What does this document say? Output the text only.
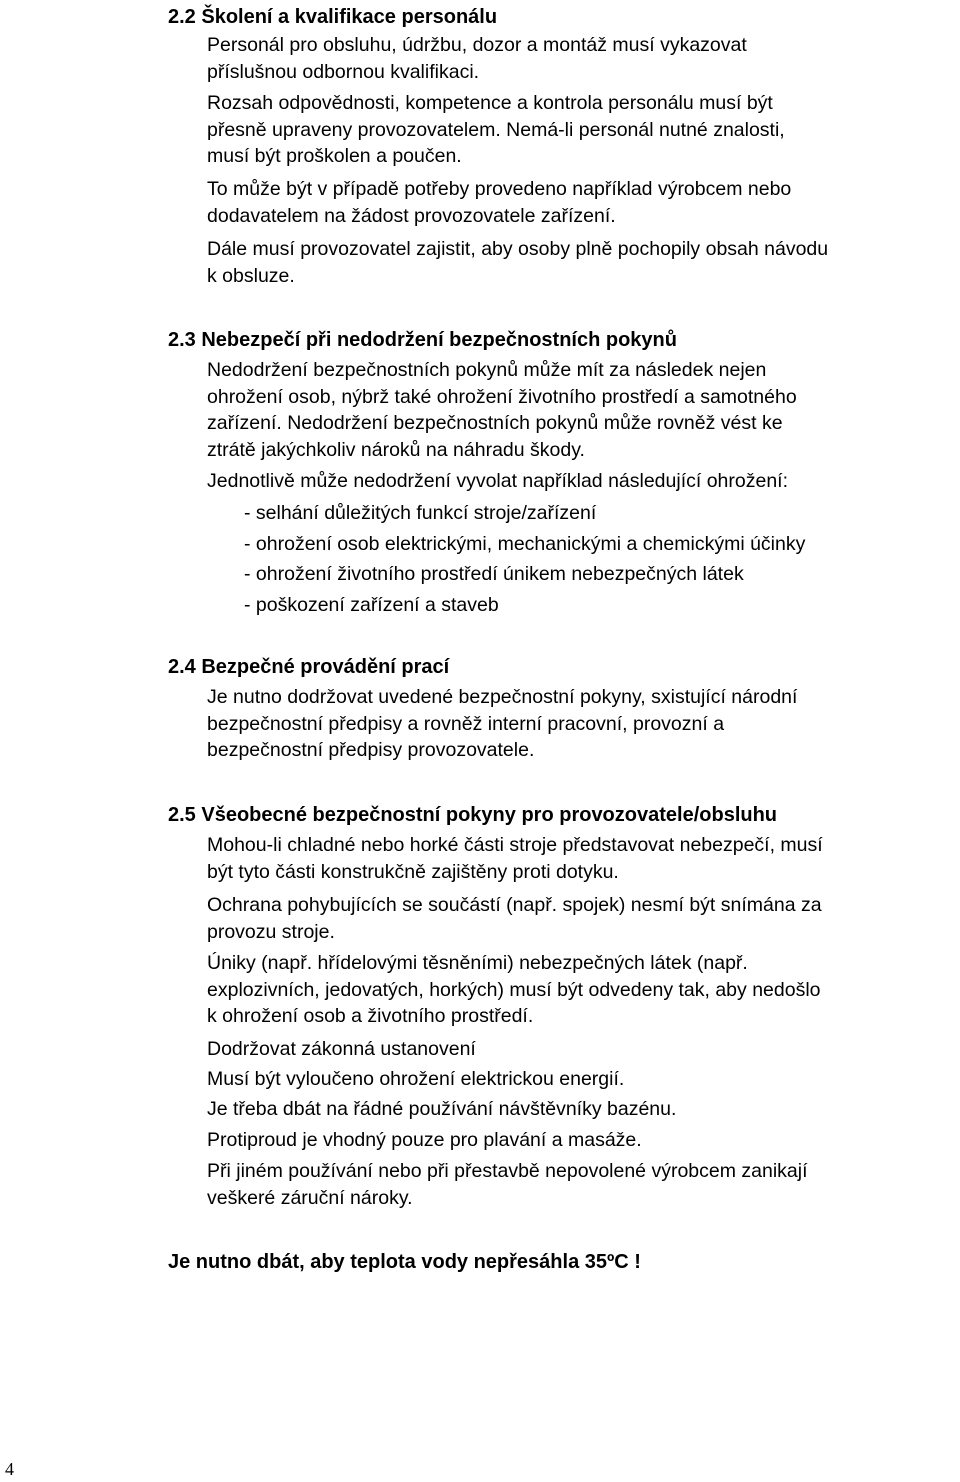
2.2 Školení a kvalifikace personálu
Personál pro obsluhu, údržbu, dozor a montáž musí vykazovat
příslušnou odbornou kvalifikaci.
Rozsah odpovědnosti, kompetence a kontrola personálu musí být
přesně upraveny provozovatelem. Nemá-li personál nutné znalosti,
musí být proškolen a poučen.
To může být v případě potřeby provedeno například výrobcem nebo
dodavatelem na žádost provozovatele zařízení.
Dále musí provozovatel zajistit, aby osoby plně pochopily obsah návodu
k obsluze.
2.3 Nebezpečí při nedodržení bezpečnostních pokynů
Nedodržení bezpečnostních pokynů může mít za následek nejen
ohrožení osob, nýbrž také ohrožení životního prostředí a samotného
zařízení. Nedodržení bezpečnostních pokynů může rovněž vést ke
ztrátě jakýchkoliv nároků na náhradu škody.
Jednotlivě může nedodržení vyvolat například následující ohrožení:
- selhání důležitých funkcí stroje/zařízení
- ohrožení osob elektrickými, mechanickými a chemickými účinky
- ohrožení životního prostředí únikem nebezpečných látek
- poškození zařízení a staveb
2.4 Bezpečné provádění prací
Je nutno dodržovat uvedené bezpečnostní pokyny, sxistující národní
bezpečnostní předpisy a rovněž interní pracovní, provozní a
bezpečnostní předpisy provozovatele.
2.5 Všeobecné bezpečnostní pokyny pro provozovatele/obsluhu
Mohou-li chladné nebo horké části stroje představovat nebezpečí, musí
být tyto části konstrukčně zajištěny proti dotyku.
Ochrana pohybujících se součástí (např. spojek) nesmí být snímána za
provozu stroje.
Úniky (např. hřídelovými těsněními) nebezpečných látek (např.
explozivních, jedovatých, horkých) musí být odvedeny tak, aby nedošlo
k ohrožení osob a životního prostředí.
Dodržovat zákonná ustanovení
Musí být vyloučeno ohrožení elektrickou energií.
Je třeba dbát na řádné používání návštěvníky bazénu.
Protiproud je vhodný pouze pro plavání a masáže.
Při jiném používání nebo při přestavbě nepovolené výrobcem zanikají
veškeré záruční nároky.
Je nutno dbát, aby teplota vody nepřesáhla 35ºC !
4
